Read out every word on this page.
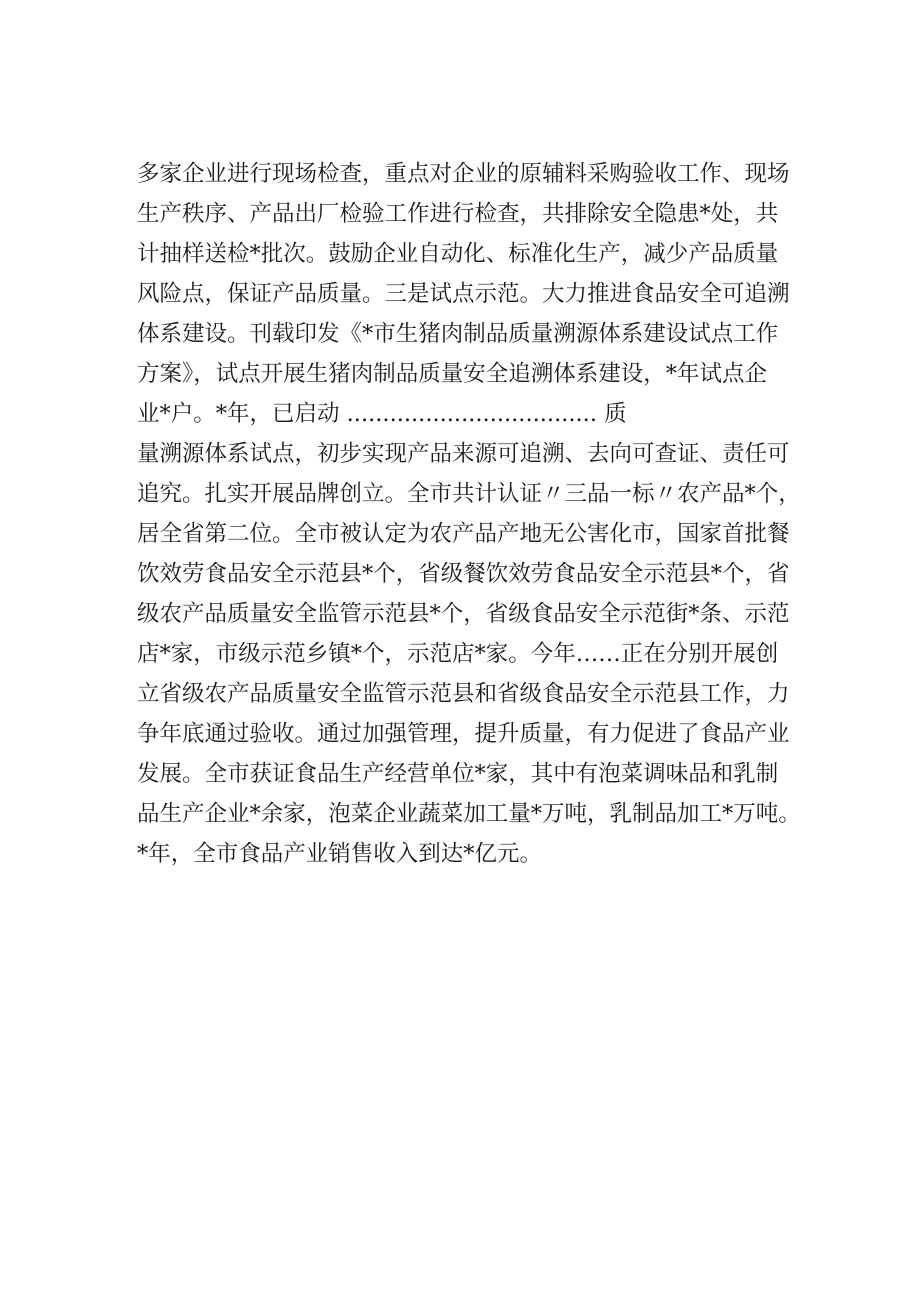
多家企业进行现场检查，重点对企业的原辅料采购验收工作、现场
生产秩序、产品出厂检验工作进行检查，共排除安全隐患*处，共
计抽样送检*批次。鼓励企业自动化、标准化生产，减少产品质量
风险点，保证产品质量。三是试点示范。大力推进食品安全可追溯
体系建设。刊载印发《*市生猪肉制品质量溯源体系建设试点工作
方案》，试点开展生猪肉制品质量安全追溯体系建设，*年试点企
业*户。*年，已启动 ................................... 质
量溯源体系试点，初步实现产品来源可追溯、去向可查证、责任可
追究。扎实开展品牌创立。全市共计认证〃三品一标〃农产品*个，
居全省第二位。全市被认定为农产品产地无公害化市，国家首批餐
饮效劳食品安全示范县*个，省级餐饮效劳食品安全示范县*个，省
级农产品质量安全监管示范县*个，省级食品安全示范街*条、示范
店*家，市级示范乡镇*个，示范店*家。今年……正在分别开展创
立省级农产品质量安全监管示范县和省级食品安全示范县工作，力
争年底通过验收。通过加强管理，提升质量，有力促进了食品产业
发展。全市获证食品生产经营单位*家，其中有泡菜调味品和乳制
品生产企业*余家，泡菜企业蔬菜加工量*万吨，乳制品加工*万吨。
*年，全市食品产业销售收入到达*亿元。
